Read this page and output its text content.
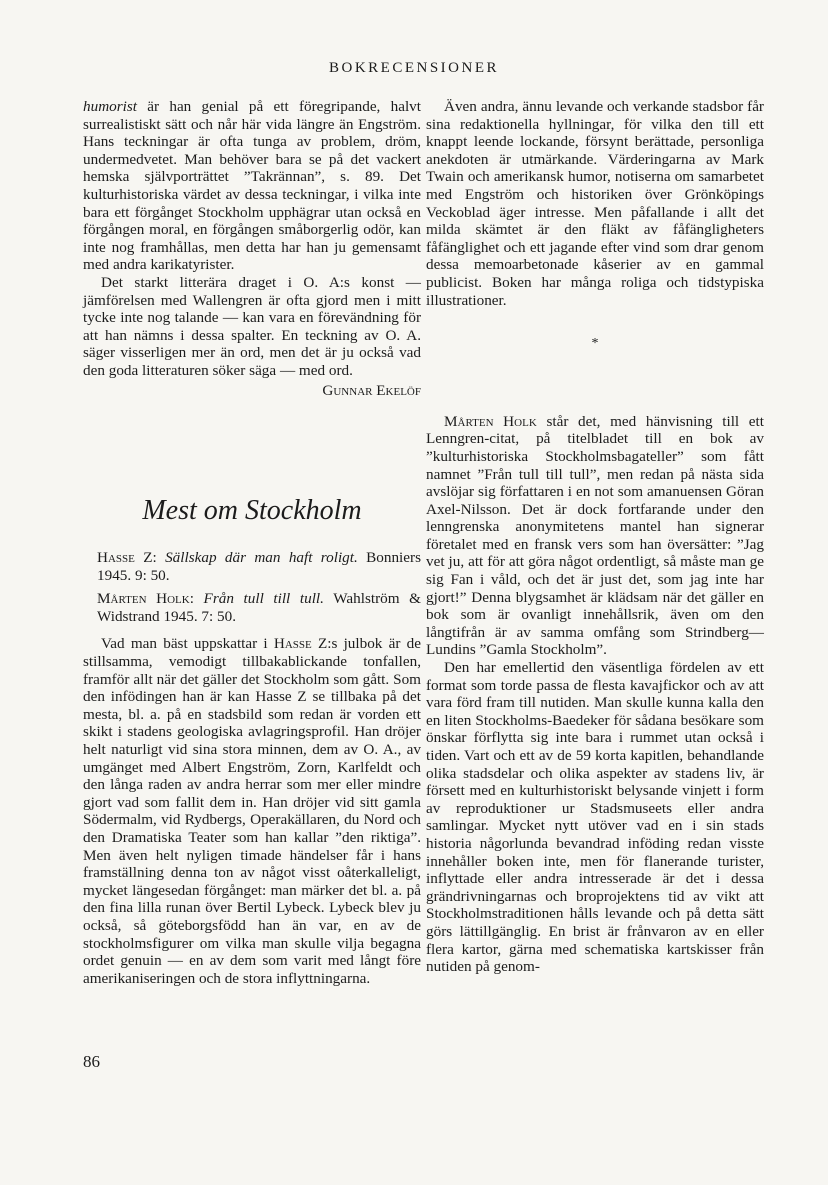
BOKRECENSIONER

humorist är han genial på ett föregripande, halvt surrealistiskt sätt och når här vida längre än Engström. Hans teckningar är ofta tunga av problem, dröm, undermedvetet. Man behöver bara se på det vackert hemska självporträttet ”Takrännan”, s. 89. Det kulturhistoriska värdet av dessa teckningar, i vilka inte bara ett förgånget Stockholm upphägrar utan också en förgången moral, en förgången småborgerlig odör, kan inte nog framhållas, men detta har han ju gemensamt med andra karikatyrister.

Det starkt litterära draget i O. A:s konst — jämförelsen med Wallengren är ofta gjord men i mitt tycke inte nog talande — kan vara en förevändning för att han nämns i dessa spalter. En teckning av O. A. säger visserligen mer än ord, men det är ju också vad den goda litteraturen söker säga — med ord.

Gunnar Ekelöf

Mest om Stockholm

Hasse Z: Sällskap där man haft roligt. Bonniers 1945. 9: 50.

Mårten Holk: Från tull till tull. Wahlström & Widstrand 1945. 7: 50.

Vad man bäst uppskattar i Hasse Z:s julbok är de stillsamma, vemodigt tillbakablickande tonfallen, framför allt när det gäller det Stockholm som gått. Som den infödingen han är kan Hasse Z se tillbaka på det mesta, bl. a. på en stadsbild som redan är vorden ett skikt i stadens geologiska avlagringsprofil. Han dröjer helt naturligt vid sina stora minnen, dem av O. A., av umgänget med Albert Engström, Zorn, Karlfeldt och den långa raden av andra herrar som mer eller mindre gjort vad som fallit dem in. Han dröjer vid sitt gamla Södermalm, vid Rydbergs, Operakällaren, du Nord och den Dramatiska Teater som han kallar ”den riktiga”. Men även helt nyligen timade händelser får i hans framställning denna ton av något visst oåterkalleligt, mycket längesedan förgånget: man märker det bl. a. på den fina lilla runan över Bertil Lybeck. Lybeck blev ju också, så göteborgsfödd han än var, en av de stockholmsfigurer om vilka man skulle vilja begagna ordet genuin — en av dem som varit med långt före amerikaniseringen och de stora inflyttningarna.

Även andra, ännu levande och verkande stadsbor får sina redaktionella hyllningar, för vilka den till ett knappt leende lockande, försynt berättade, personliga anekdoten är utmärkande. Värderingarna av Mark Twain och amerikansk humor, notiserna om samarbetet med Engström och historiken över Grönköpings Veckoblad äger intresse. Men påfallande i allt det milda skämtet är den fläkt av fåfängligheters fåfänglighet och ett jagande efter vind som drar genom dessa memoarbetonade kåserier av en gammal publicist. Boken har många roliga och tidstypiska illustrationer.

*

Mårten Holk står det, med hänvisning till ett Lenngren-citat, på titelbladet till en bok av ”kulturhistoriska Stockholmsbagateller” som fått namnet ”Från tull till tull”, men redan på nästa sida avslöjar sig författaren i en not som amanuensen Göran Axel-Nilsson. Det är dock fortfarande under den lenngrenska anonymitetens mantel han signerar företalet med en fransk vers som han översätter: ”Jag vet ju, att för att göra något ordentligt, så måste man ge sig Fan i våld, och det är just det, som jag inte har gjort!” Denna blygsamhet är klädsam när det gäller en bok som är ovanligt innehållsrik, även om den långtifrån är av samma omfång som Strindberg—Lundins ”Gamla Stockholm”.

Den har emellertid den väsentliga fördelen av ett format som torde passa de flesta kavajfickor och av att vara förd fram till nutiden. Man skulle kunna kalla den en liten Stockholms-Baedeker för sådana besökare som önskar förflytta sig inte bara i rummet utan också i tiden. Vart och ett av de 59 korta kapitlen, behandlande olika stadsdelar och olika aspekter av stadens liv, är försett med en kulturhistoriskt belysande vinjett i form av reproduktioner ur Stadsmuseets eller andra samlingar. Mycket nytt utöver vad en i sin stads historia någorlunda bevandrad inföding redan visste innehåller boken inte, men för flanerande turister, inflyttade eller andra intresserade är det i dessa grändrivningarnas och broprojektens tid av vikt att Stockholmstraditionen hålls levande och på detta sätt görs lättillgänglig. En brist är frånvaron av en eller flera kartor, gärna med schematiska kartskisser från nutiden på genom-

86
